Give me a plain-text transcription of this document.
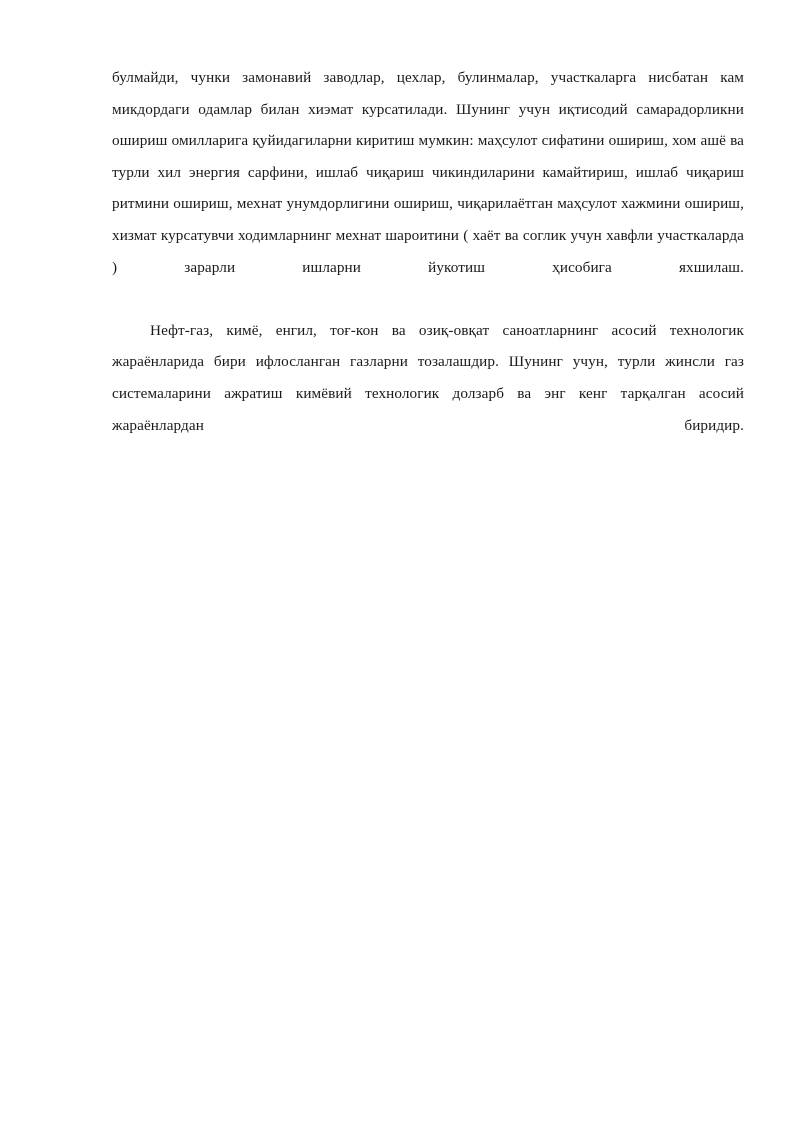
булмайди, чунки замонавий заводлар, цехлар, булинмалар, участкаларга нисбатан кам микдордаги одамлар билан хиэмат курсатилади. Шунинг учун иқтисодий самарадорликни ошириш омилларига қуйидагиларни киритиш мумкин: маҳсулот сифатини ошириш, хом ашё ва турли хил энергия сарфини, ишлаб чиқариш чикиндиларини камайтириш, ишлаб чиқариш ритмини ошириш, мехнат унумдорлигини ошириш, чиқарилаётган маҳсулот хажмини ошириш, хизмат курсатувчи ходимларнинг мехнат шароитини ( хаёт ва соглик учун хавфли участкаларда ) зарарли ишларни йукотиш ҳисобига яхшилаш.

Нефт-газ, кимё, енгил, тоғ-кон ва озиқ-овқат саноатларнинг асосий технологик жараёнларида бири ифлосланган газларни тозалашдир. Шунинг учун, турли жинсли газ системаларини ажратиш кимёвий технологик долзарб ва энг кенг тарқалган асосий жараёнлардан биридир.
